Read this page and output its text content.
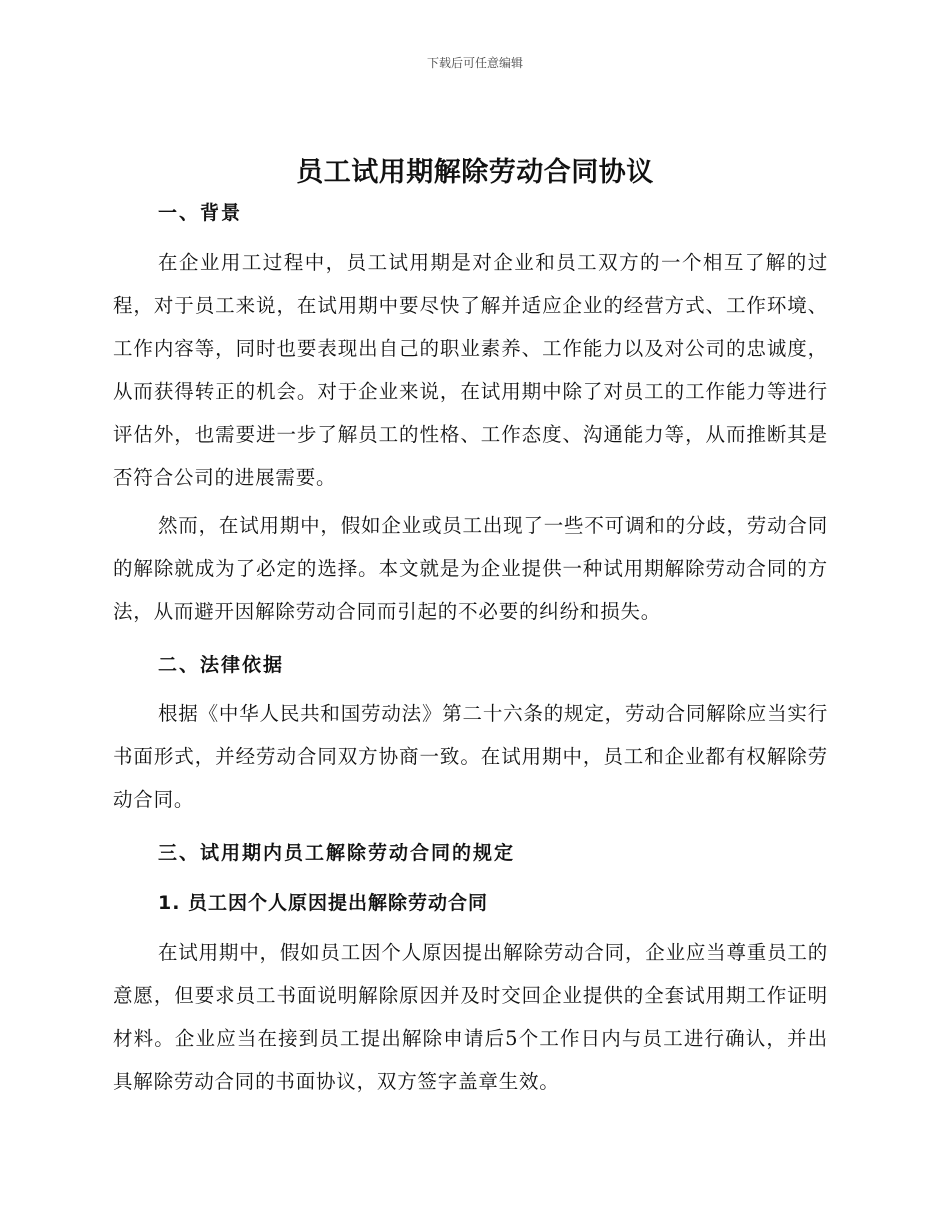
下载后可任意编辑
员工试用期解除劳动合同协议
一、背景

在企业用工过程中，员工试用期是对企业和员工双方的一个相互了解的过程，对于员工来说，在试用期中要尽快了解并适应企业的经营方式、工作环境、工作内容等，同时也要表现出自己的职业素养、工作能力以及对公司的忠诚度，从而获得转正的机会。对于企业来说，在试用期中除了对员工的工作能力等进行评估外，也需要进一步了解员工的性格、工作态度、沟通能力等，从而推断其是否符合公司的进展需要。

然而，在试用期中，假如企业或员工出现了一些不可调和的分歧，劳动合同的解除就成为了必定的选择。本文就是为企业提供一种试用期解除劳动合同的方法，从而避开因解除劳动合同而引起的不必要的纠纷和损失。

二、法律依据

根据《中华人民共和国劳动法》第二十六条的规定，劳动合同解除应当实行书面形式，并经劳动合同双方协商一致。在试用期中，员工和企业都有权解除劳动合同。

三、试用期内员工解除劳动合同的规定
1. 员工因个人原因提出解除劳动合同

在试用期中，假如员工因个人原因提出解除劳动合同，企业应当尊重员工的意愿，但要求员工书面说明解除原因并及时交回企业提供的全套试用期工作证明材料。企业应当在接到员工提出解除申请后5个工作日内与员工进行确认，并出具解除劳动合同的书面协议，双方签字盖章生效。
